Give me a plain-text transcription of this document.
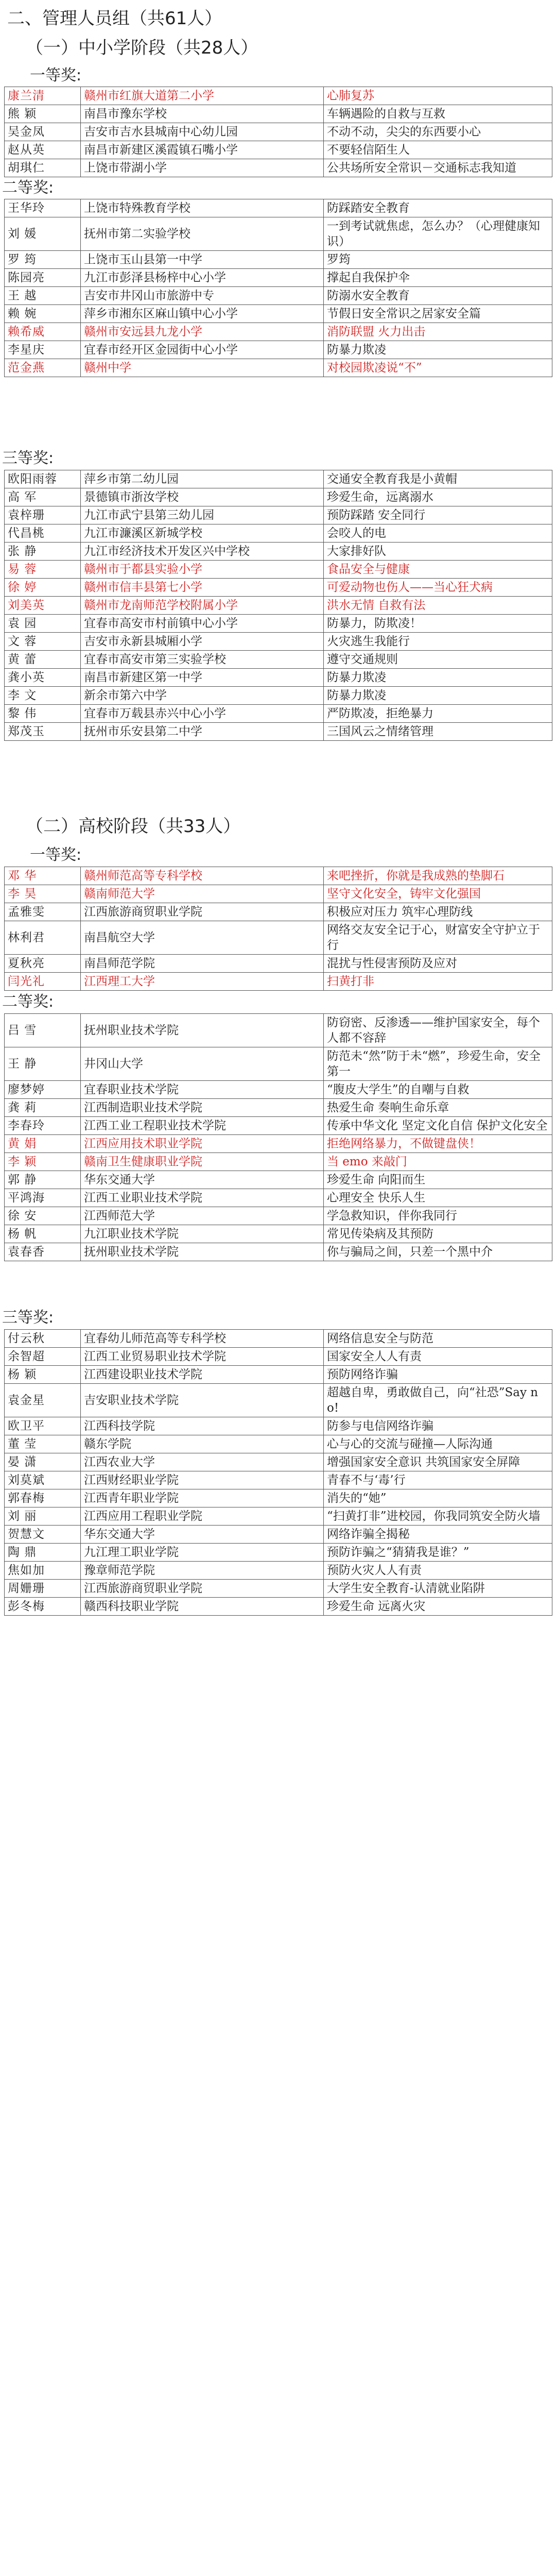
二、管理人员组（共61人）
（一）中小学阶段（共28人）
一等奖:
康兰清	赣州市红旗大道第二小学	心肺复苏
熊 颖	南昌市豫东学校	车辆遇险的自救与互救
吴金凤	吉安市吉水县城南中心幼儿园	不动不动，尖尖的东西要小心
赵从英	南昌市新建区溪霞镇石嘴小学	不要轻信陌生人
胡琪仁	上饶市带湖小学	公共场所安全常识－交通标志我知道
二等奖:
王华玲	上饶市特殊教育学校	防踩踏安全教育
刘 媛	抚州市第二实验学校	一到考试就焦虑，怎么办？（心理健康知识）
罗 筠	上饶市玉山县第一中学	罗筠
陈园亮	九江市彭泽县杨梓中心小学	撑起自我保护伞
王 越	吉安市井冈山市旅游中专	防溺水安全教育
赖 婉	萍乡市湘东区麻山镇中心小学	节假日安全常识之居家安全篇
赖希威	赣州市安远县九龙小学	消防联盟 火力出击
李星庆	宜春市经开区金园街中心小学	防暴力欺凌
范金燕	赣州中学	对校园欺凌说“不”
三等奖:
欧阳雨蓉	萍乡市第二幼儿园	交通安全教育我是小黄帽
高 军	景德镇市浙汝学校	珍爱生命，远离溺水
袁梓珊	九江市武宁县第三幼儿园	预防踩踏 安全同行
代昌桃	九江市濂溪区新城学校	会咬人的电
张 静	九江市经济技术开发区兴中学校	大家排好队
易 蓉	赣州市于都县实验小学	食品安全与健康
徐 婷	赣州市信丰县第七小学	可爱动物也伤人——当心狂犬病
刘美英	赣州市龙南师范学校附属小学	洪水无情 自救有法
袁 园	宜春市高安市村前镇中心小学	防暴力，防欺凌！
文 蓉	吉安市永新县城厢小学	火灾逃生我能行
黄 蕾	宜春市高安市第三实验学校	遵守交通规则
龚小英	南昌市新建区第一中学	防暴力欺凌
李 文	新余市第六中学	防暴力欺凌
黎 伟	宜春市万载县赤兴中心小学	严防欺凌，拒绝暴力
郑茂玉	抚州市乐安县第二中学	三国风云之情绪管理
（二）高校阶段（共33人）
一等奖:
邓 华	赣州师范高等专科学校	来吧挫折，你就是我成熟的垫脚石
李 昊	赣南师范大学	坚守文化安全，铸牢文化强国
孟雅雯	江西旅游商贸职业学院	积极应对压力 筑牢心理防线
林利君	南昌航空大学	网络交友安全记于心，财富安全守护立于行
夏秋亮	南昌师范学院	混扰与性侵害预防及应对
闫光礼	江西理工大学	扫黄打非
二等奖:
吕 雪	抚州职业技术学院	防窃密、反渗透——维护国家安全，每个人都不容辞
王 静	井冈山大学	防范未“然”防于未“燃”，珍爱生命，安全第一
廖梦婷	宜春职业技术学院	“腹皮大学生”的自嘲与自救
龚 莉	江西制造职业技术学院	热爱生命 奏响生命乐章
李春玲	江西工业工程职业技术学院	传承中华文化 坚定文化自信 保护文化安全
黄 娟	江西应用技术职业学院	拒绝网络暴力，不做键盘侠！
李 颖	赣南卫生健康职业学院	当 emo 来敲门
郭 静	华东交通大学	珍爱生命 向阳而生
平鸿海	江西工业职业技术学院	心理安全 快乐人生
徐 安	江西师范大学	学急救知识，伴你我同行
杨 帆	九江职业技术学院	常见传染病及其预防
袁春香	抚州职业技术学院	你与骗局之间，只差一个黑中介
三等奖:
付云秋	宜春幼儿师范高等专科学校	网络信息安全与防范
余智超	江西工业贸易职业技术学院	国家安全人人有责
杨 颖	江西建设职业技术学院	预防网络诈骗
袁金星	吉安职业技术学院	超越自卑，勇敢做自己，向“社恐”Say no!
欧卫平	江西科技学院	防参与电信网络诈骗
董 莹	赣东学院	心与心的交流与碰撞—人际沟通
晏 潇	江西农业大学	增强国家安全意识 共筑国家安全屏障
刘莫斌	江西财经职业学院	青春不与‘毒’行
郭春梅	江西青年职业学院	消失的“她”
刘 丽	江西应用工程职业学院	“扫黄打非”进校园，你我同筑安全防火墙
贺慧文	华东交通大学	网络诈骗全揭秘
陶 鼎	九江理工职业学院	预防诈骗之“猜猜我是谁？”
焦如加	豫章师范学院	预防火灾人人有责
周姗珊	江西旅游商贸职业学院	大学生安全教育-认清就业陷阱
彭冬梅	赣西科技职业学院	珍爱生命 远离火灾
